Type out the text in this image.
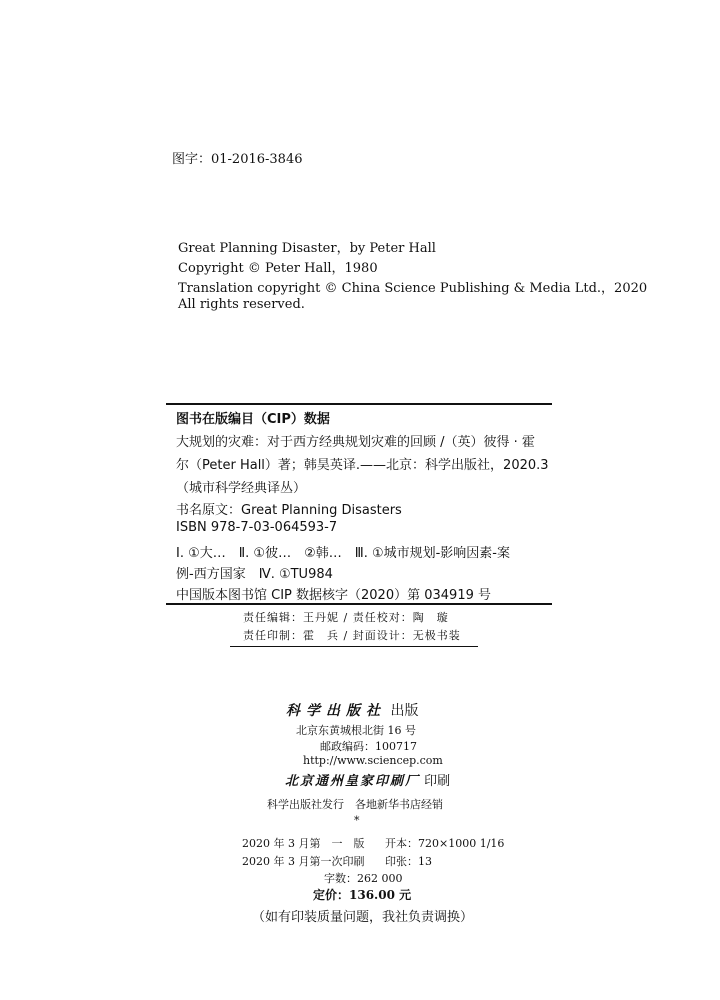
图字：01-2016-3846
Great Planning Disaster，by Peter Hall
Copyright © Peter Hall，1980
Translation copyright © China Science Publishing & Media Ltd.，2020
All rights reserved.
图书在版编目（CIP）数据
大规划的灾难：对于西方经典规划灾难的回顾 /（英）彼得 · 霍
尔（Peter Hall）著；韩昊英译.——北京：科学出版社，2020.3
（城市科学经典译丛）
书名原文：Great Planning Disasters
ISBN 978-7-03-064593-7
Ⅰ. ①大…　Ⅱ. ①彼…　②韩…　Ⅲ. ①城市规划-影响因素-案
例-西方国家　Ⅳ. ①TU984
中国版本图书馆 CIP 数据核字（2020）第 034919 号
责任编辑：王丹妮 / 责任校对：陶　璇
责任印制：霍　兵 / 封面设计：无极书装
科学出版社 出版
北京东黄城根北街 16 号
邮政编码：100717
http://www.sciencep.com
北京通州皇家印刷厂 印刷
科学出版社发行　各地新华书店经销
*
2020 年 3 月第　一　版 开本：720×1000 1/16
2020 年 3 月第一次印刷 印张：13
字数：262 000
定价：136.00 元
（如有印装质量问题，我社负责调换）
